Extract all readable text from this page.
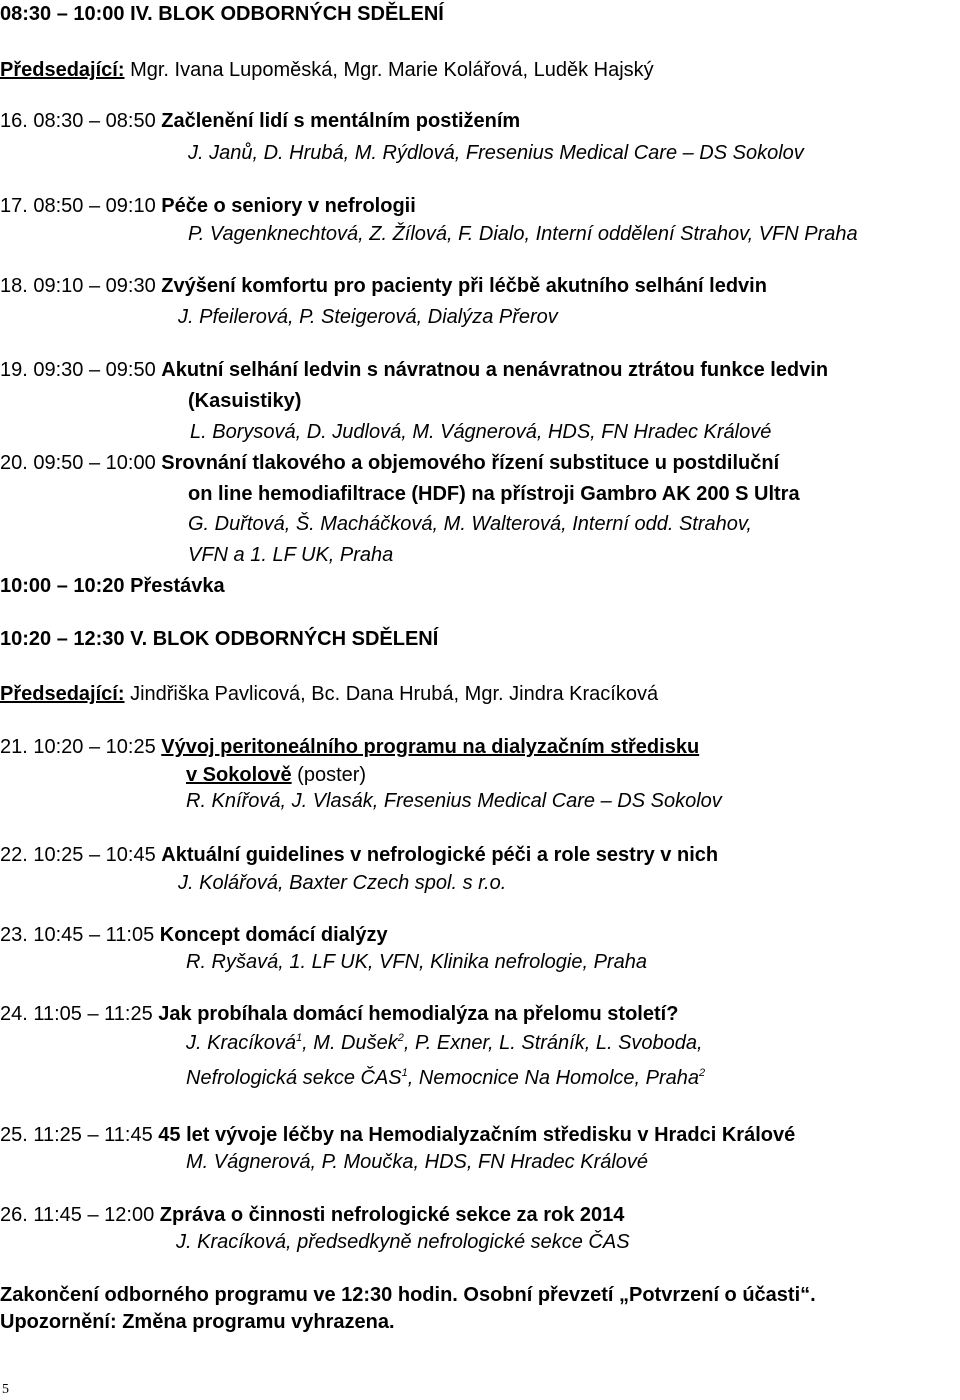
08:30 – 10:00 IV. BLOK ODBORNÝCH SDĚLENÍ
Předsedající: Mgr. Ivana Lupoměská, Mgr. Marie Kolářová, Luděk Hajský
16. 08:30 – 08:50 Začlenění lidí s mentálním postižením
J. Janů, D. Hrubá, M. Rýdlová, Fresenius Medical Care – DS Sokolov
17. 08:50 – 09:10 Péče o seniory v nefrologii
P. Vagenknechtová, Z. Žílová, F. Dialo, Interní oddělení Strahov, VFN Praha
18. 09:10 – 09:30 Zvýšení komfortu pro pacienty při léčbě akutního selhání ledvin
J. Pfeilerová, P. Steigerová, Dialýza Přerov
19. 09:30 – 09:50 Akutní selhání ledvin s návratnou a nenávratnou ztrátou funkce ledvin
(Kasuistiky)
L. Borysová, D. Judlová, M. Vágnerová, HDS, FN Hradec Králové
20. 09:50 – 10:00 Srovnání tlakového a objemového řízení substituce u postdiluční
on line hemodiafiltrace (HDF) na přístroji Gambro AK 200 S Ultra
G. Duřtová, Š. Macháčková, M. Walterová, Interní odd. Strahov,
VFN a 1. LF UK, Praha
10:00 – 10:20 Přestávka
10:20 – 12:30 V. BLOK ODBORNÝCH SDĚLENÍ
Předsedající: Jindřiška Pavlicová, Bc. Dana Hrubá, Mgr. Jindra Kracíková
21. 10:20 – 10:25 Vývoj peritoneálního programu na dialyzačním středisku
v Sokolově (poster)
R. Knířová, J. Vlasák, Fresenius Medical Care – DS Sokolov
22. 10:25 – 10:45 Aktuální guidelines v nefrologické péči a role sestry v nich
J. Kolářová, Baxter Czech spol. s r.o.
23. 10:45 – 11:05 Koncept domácí dialýzy
R. Ryšavá, 1. LF UK, VFN, Klinika nefrologie, Praha
24. 11:05 – 11:25 Jak probíhala domácí hemodialýza na přelomu století?
J. Kracíková$^1$, M. Dušek$^2$, P. Exner, L. Stráník, L. Svoboda,
Nefrologická sekce ČAS$^1$, Nemocnice Na Homolce, Praha$^2$
25. 11:25 – 11:45 45 let vývoje léčby na Hemodialyzačním středisku v Hradci Králové
M. Vágnerová, P. Moučka, HDS, FN Hradec Králové
26. 11:45 – 12:00 Zpráva o činnosti nefrologické sekce za rok 2014
J. Kracíková, předsedkyně nefrologické sekce ČAS
Zakončení odborného programu ve 12:30 hodin. Osobní převzetí „Potvrzení o účasti“.
Upozornění: Změna programu vyhrazena.
5
